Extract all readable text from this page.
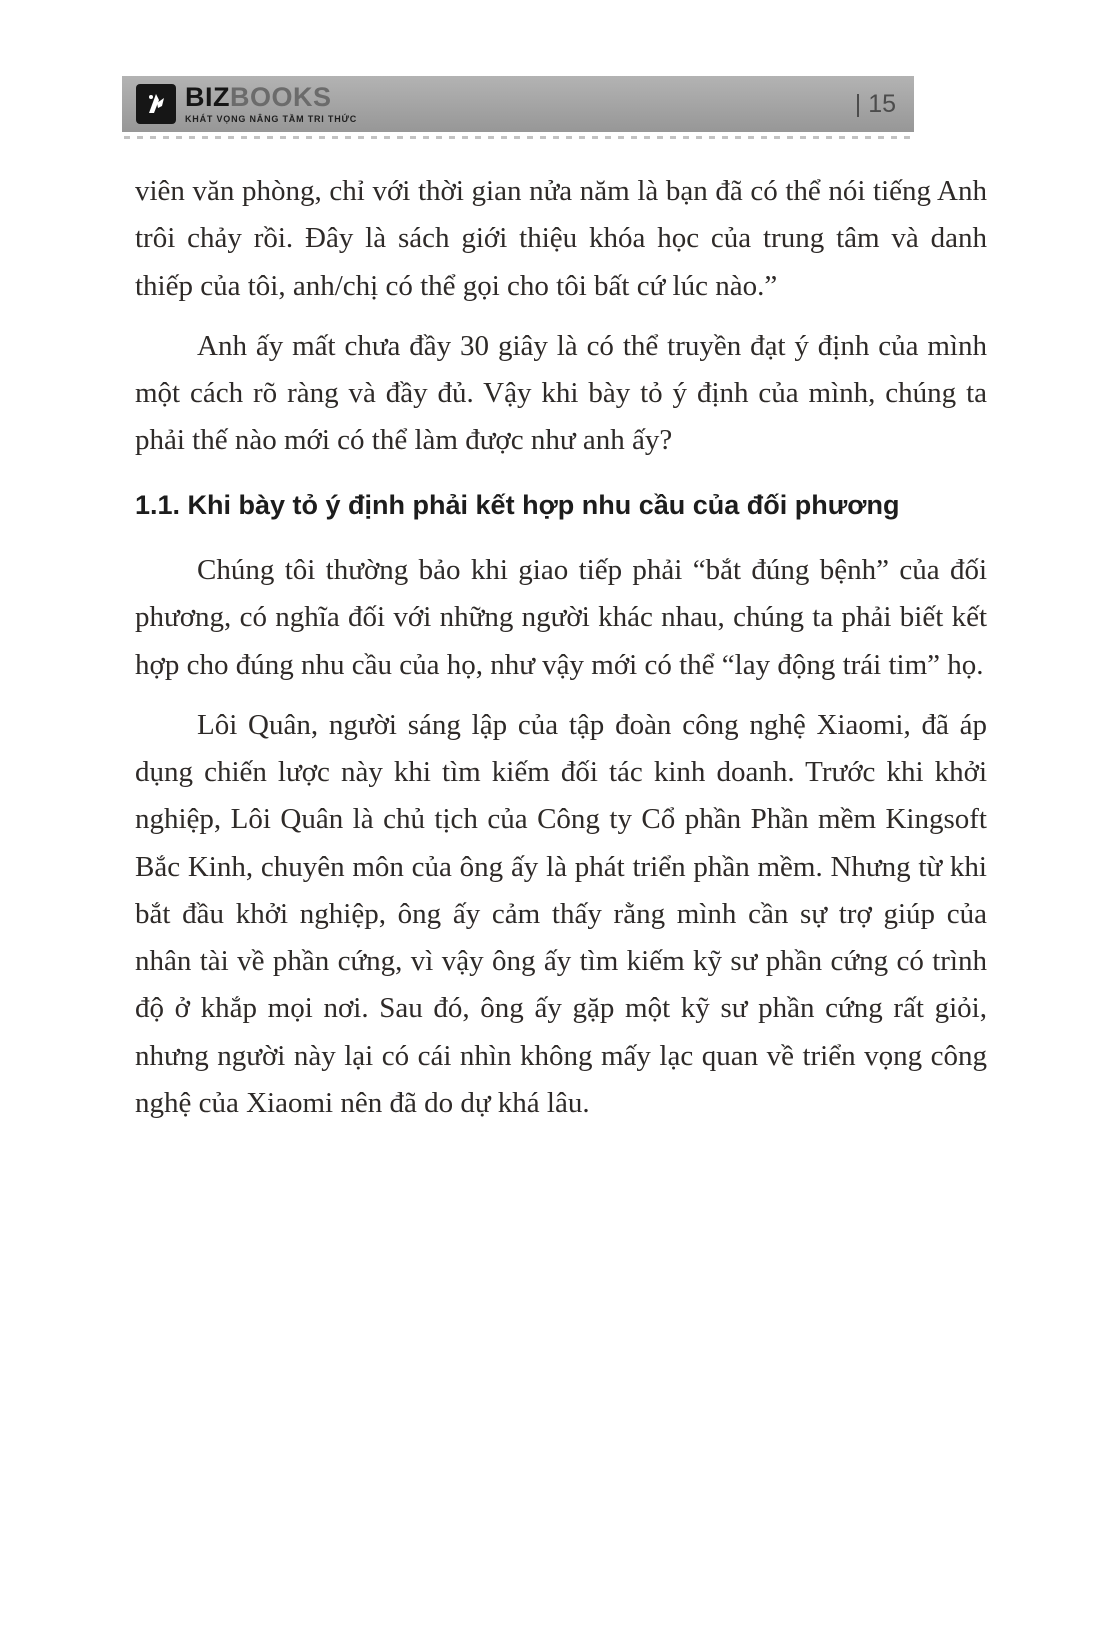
BIZBOOKS
KHÁT VỌNG NÂNG TẦM TRI THỨC
| 15

viên văn phòng, chỉ với thời gian nửa năm là bạn đã có thể nói tiếng Anh trôi chảy rồi. Đây là sách giới thiệu khóa học của trung tâm và danh thiếp của tôi, anh/chị có thể gọi cho tôi bất cứ lúc nào.”

Anh ấy mất chưa đầy 30 giây là có thể truyền đạt ý định của mình một cách rõ ràng và đầy đủ. Vậy khi bày tỏ ý định của mình, chúng ta phải thế nào mới có thể làm được như anh ấy?

1.1. Khi bày tỏ ý định phải kết hợp nhu cầu của đối phương

Chúng tôi thường bảo khi giao tiếp phải “bắt đúng bệnh” của đối phương, có nghĩa đối với những người khác nhau, chúng ta phải biết kết hợp cho đúng nhu cầu của họ, như vậy mới có thể “lay động trái tim” họ.

Lôi Quân, người sáng lập của tập đoàn công nghệ Xiaomi, đã áp dụng chiến lược này khi tìm kiếm đối tác kinh doanh. Trước khi khởi nghiệp, Lôi Quân là chủ tịch của Công ty Cổ phần Phần mềm Kingsoft Bắc Kinh, chuyên môn của ông ấy là phát triển phần mềm. Nhưng từ khi bắt đầu khởi nghiệp, ông ấy cảm thấy rằng mình cần sự trợ giúp của nhân tài về phần cứng, vì vậy ông ấy tìm kiếm kỹ sư phần cứng có trình độ ở khắp mọi nơi. Sau đó, ông ấy gặp một kỹ sư phần cứng rất giỏi, nhưng người này lại có cái nhìn không mấy lạc quan về triển vọng công nghệ của Xiaomi nên đã do dự khá lâu.
